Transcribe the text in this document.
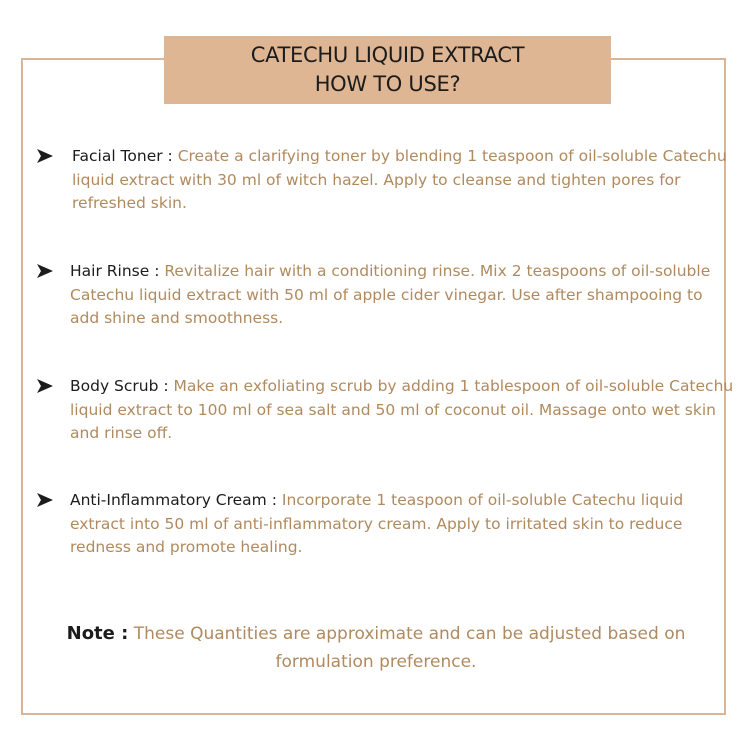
CATECHU LIQUID EXTRACT
HOW TO USE?

Facial Toner : Create a clarifying toner by blending 1 teaspoon of oil-soluble Catechu liquid extract with 30 ml of witch hazel. Apply to cleanse and tighten pores for refreshed skin.

Hair Rinse : Revitalize hair with a conditioning rinse. Mix 2 teaspoons of oil-soluble Catechu liquid extract with 50 ml of apple cider vinegar. Use after shampooing to add shine and smoothness.

Body Scrub : Make an exfoliating scrub by adding 1 tablespoon of oil-soluble Catechu liquid extract to 100 ml of sea salt and 50 ml of coconut oil. Massage onto wet skin and rinse off.

Anti-Inflammatory Cream : Incorporate 1 teaspoon of oil-soluble Catechu liquid extract into 50 ml of anti-inflammatory cream. Apply to irritated skin to reduce redness and promote healing.

Note : These Quantities are approximate and can be adjusted based on formulation preference.
